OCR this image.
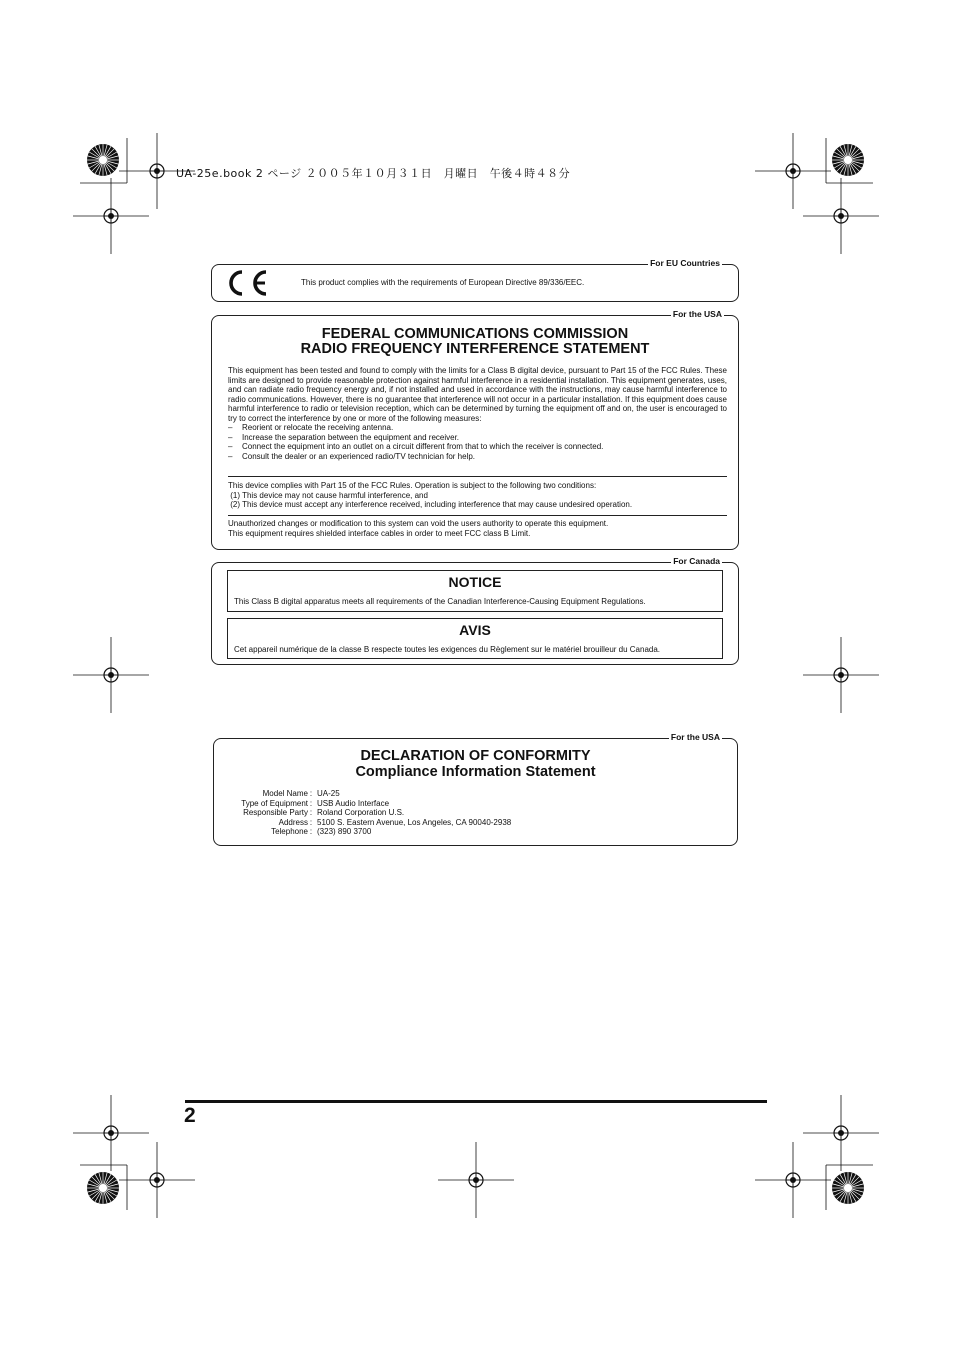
UA-25e.book 2 ページ ２００５年１０月３１日　月曜日　午後４時４８分
For EU Countries
This product complies with the requirements of European Directive 89/336/EEC.
For the USA
FEDERAL COMMUNICATIONS COMMISSION
RADIO FREQUENCY INTERFERENCE STATEMENT

This equipment has been tested and found to comply with the limits for a Class B digital device, pursuant to Part 15 of the FCC Rules. These limits are designed to provide reasonable protection against harmful interference in a residential installation. This equipment generates, uses, and can radiate radio frequency energy and, if not installed and used in accordance with the instructions, may cause harmful interference to radio communications. However, there is no guarantee that interference will not occur in a particular installation. If this equipment does cause harmful interference to radio or television reception, which can be determined by turning the equipment off and on, the user is encouraged to try to correct the interference by one or more of the following measures:

– Reorient or relocate the receiving antenna.
– Increase the separation between the equipment and receiver.
– Connect the equipment into an outlet on a circuit different from that to which the receiver is connected.
– Consult the dealer or an experienced radio/TV technician for help.
This device complies with Part 15 of the FCC Rules. Operation is subject to the following two conditions:
(1) This device may not cause harmful interference, and
(2) This device must accept any interference received, including interference that may cause undesired operation.
Unauthorized changes or modification to this system can void the users authority to operate this equipment.
This equipment requires shielded interface cables in order to meet FCC class B Limit.
For Canada
NOTICE
This Class B digital apparatus meets all requirements of the Canadian Interference-Causing Equipment Regulations.
AVIS
Cet appareil numérique de la classe B respecte toutes les exigences du Règlement sur le matériel brouilleur du Canada.
For the USA
DECLARATION OF CONFORMITY
Compliance Information Statement
Model Name : UA-25
Type of Equipment : USB Audio Interface
Responsible Party : Roland Corporation U.S.
Address : 5100 S. Eastern Avenue, Los Angeles, CA 90040-2938
Telephone : (323) 890 3700
2
